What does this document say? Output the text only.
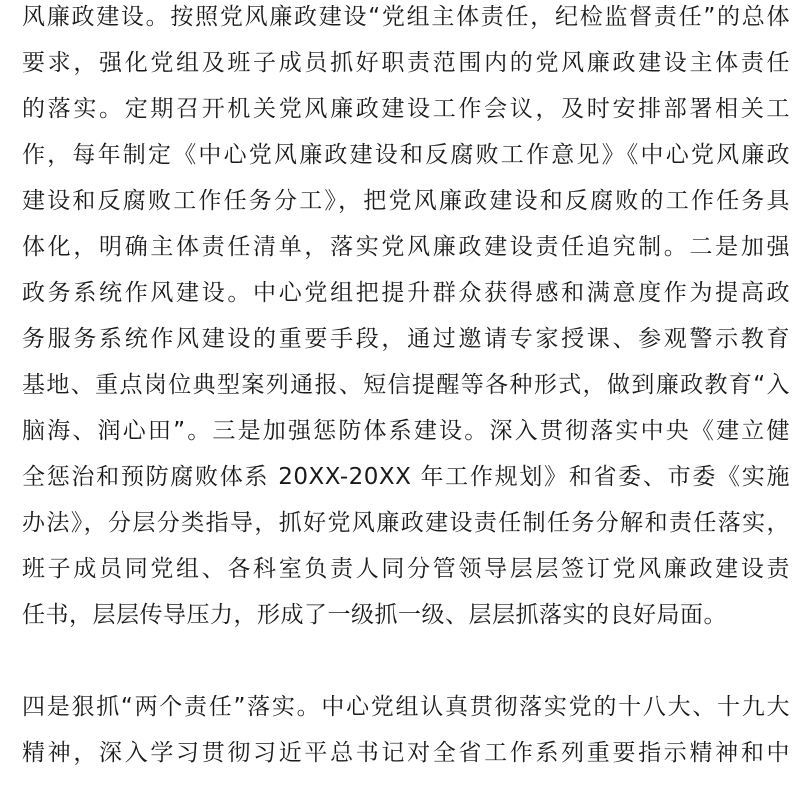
风廉政建设。按照党风廉政建设“党组主体责任，纪检监督责任”的总体
要求，强化党组及班子成员抓好职责范围内的党风廉政建设主体责任
的落实。定期召开机关党风廉政建设工作会议，及时安排部署相关工
作，每年制定《中心党风廉政建设和反腐败工作意见》《中心党风廉政
建设和反腐败工作任务分工》，把党风廉政建设和反腐败的工作任务具
体化，明确主体责任清单，落实党风廉政建设责任追究制。二是加强
政务系统作风建设。中心党组把提升群众获得感和满意度作为提高政
务服务系统作风建设的重要手段，通过邀请专家授课、参观警示教育
基地、重点岗位典型案列通报、短信提醒等各种形式，做到廉政教育“入
脑海、润心田”。三是加强惩防体系建设。深入贯彻落实中央《建立健
全惩治和预防腐败体系 20XX-20XX 年工作规划》和省委、市委《实施
办法》，分层分类指导，抓好党风廉政建设责任制任务分解和责任落实，
班子成员同党组、各科室负责人同分管领导层层签订党风廉政建设责
任书，层层传导压力，形成了一级抓一级、层层抓落实的良好局面。
四是狠抓“两个责任”落实。中心党组认真贯彻落实党的十八大、十九大
精神，深入学习贯彻习近平总书记对全省工作系列重要指示精神和中
